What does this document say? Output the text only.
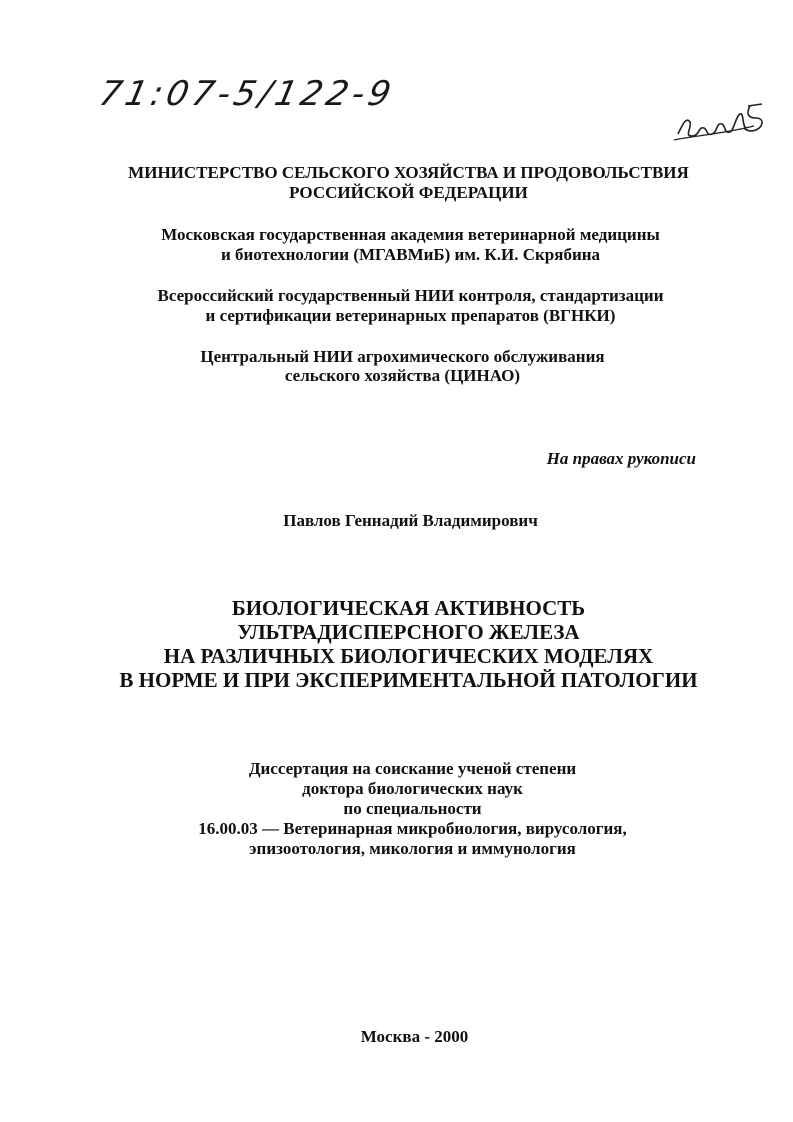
71:07-5/122-9
МИНИСТЕРСТВО СЕЛЬСКОГО ХОЗЯЙСТВА И ПРОДОВОЛЬСТВИЯ
РОССИЙСКОЙ ФЕДЕРАЦИИ
Московская государственная академия ветеринарной медицины
и биотехнологии (МГАВМиБ) им. К.И. Скрябина
Всероссийский государственный НИИ контроля, стандартизации
и сертификации ветеринарных препаратов (ВГНКИ)
Центральный НИИ агрохимического обслуживания
сельского хозяйства (ЦИНАО)
На правах рукописи
Павлов Геннадий Владимирович
БИОЛОГИЧЕСКАЯ АКТИВНОСТЬ
УЛЬТРАДИСПЕРСНОГО ЖЕЛЕЗА
НА РАЗЛИЧНЫХ БИОЛОГИЧЕСКИХ МОДЕЛЯХ
В НОРМЕ И ПРИ ЭКСПЕРИМЕНТАЛЬНОЙ ПАТОЛОГИИ
Диссертация на соискание ученой степени
доктора биологических наук
по специальности
16.00.03 — Ветеринарная микробиология, вирусология,
эпизоотология, микология и иммунология
Москва - 2000
